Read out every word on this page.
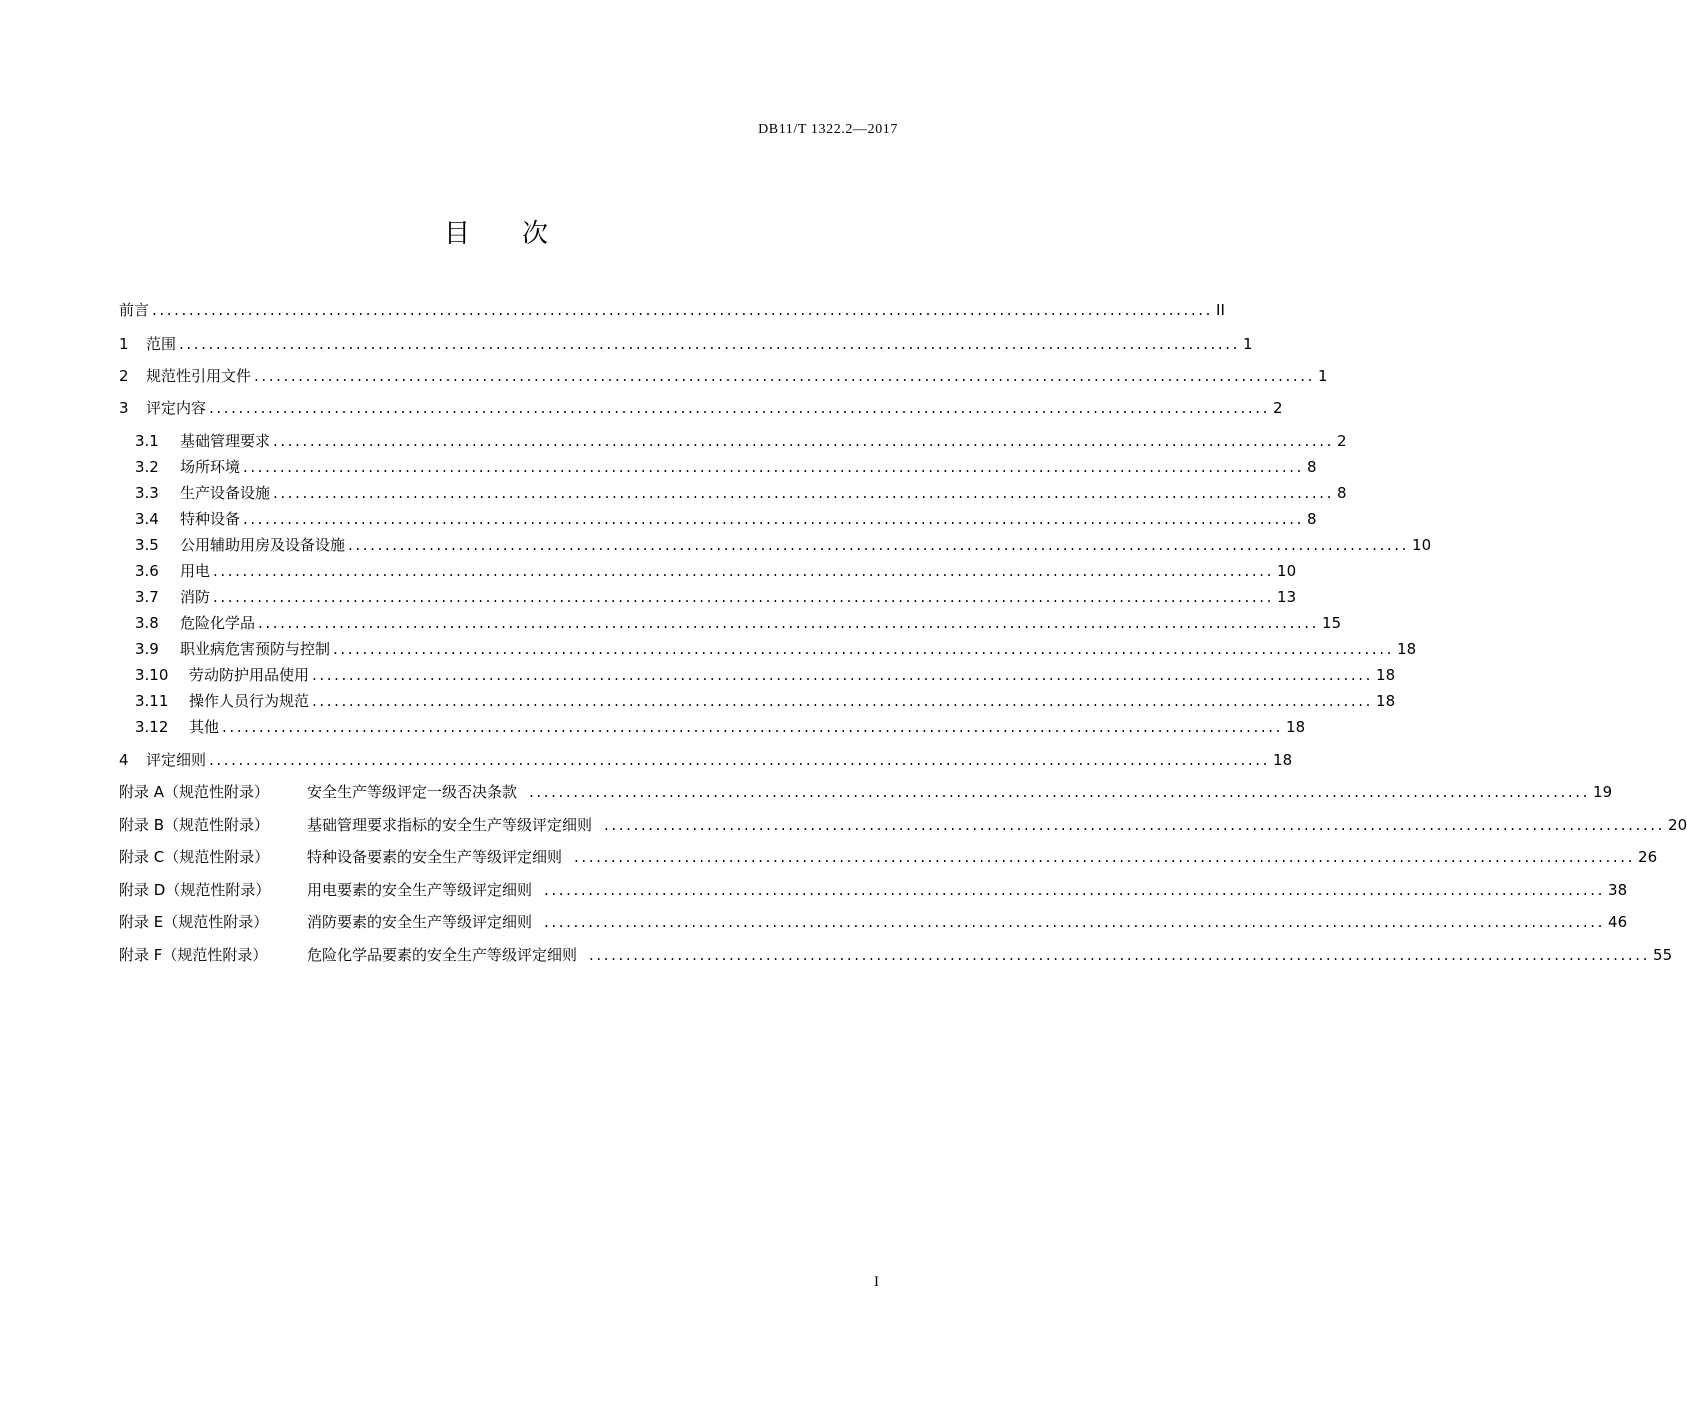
DB11/T 1322.2—2017
目 次
前言 ................................................................................................................................................ II
1	范围 ................................................................................................................................................ 1
2	规范性引用文件 ................................................................................................................................................ 1
3	评定内容 ................................................................................................................................................ 2
3.1	基础管理要求 ................................................................................................................................................ 2
3.2	场所环境 ................................................................................................................................................ 8
3.3	生产设备设施 ................................................................................................................................................ 8
3.4	特种设备 ................................................................................................................................................ 8
3.5	公用辅助用房及设备设施 ................................................................................................................................................ 10
3.6	用电 ................................................................................................................................................ 10
3.7	消防 ................................................................................................................................................ 13
3.8	危险化学品 ................................................................................................................................................ 15
3.9	职业病危害预防与控制 ................................................................................................................................................ 18
3.10	劳动防护用品使用 ................................................................................................................................................ 18
3.11	操作人员行为规范 ................................................................................................................................................ 18
3.12	其他 ................................................................................................................................................ 18
4	评定细则 ................................................................................................................................................ 18
附录 A（规范性附录）	安全生产等级评定一级否决条款 ................................................................................................................................................ 19
附录 B（规范性附录）	基础管理要求指标的安全生产等级评定细则 ................................................................................................................................................ 20
附录 C（规范性附录）	特种设备要素的安全生产等级评定细则 ................................................................................................................................................ 26
附录 D（规范性附录）	用电要素的安全生产等级评定细则 ................................................................................................................................................ 38
附录 E（规范性附录）	消防要素的安全生产等级评定细则 ................................................................................................................................................ 46
附录 F（规范性附录）	危险化学品要素的安全生产等级评定细则 ................................................................................................................................................ 55
I
